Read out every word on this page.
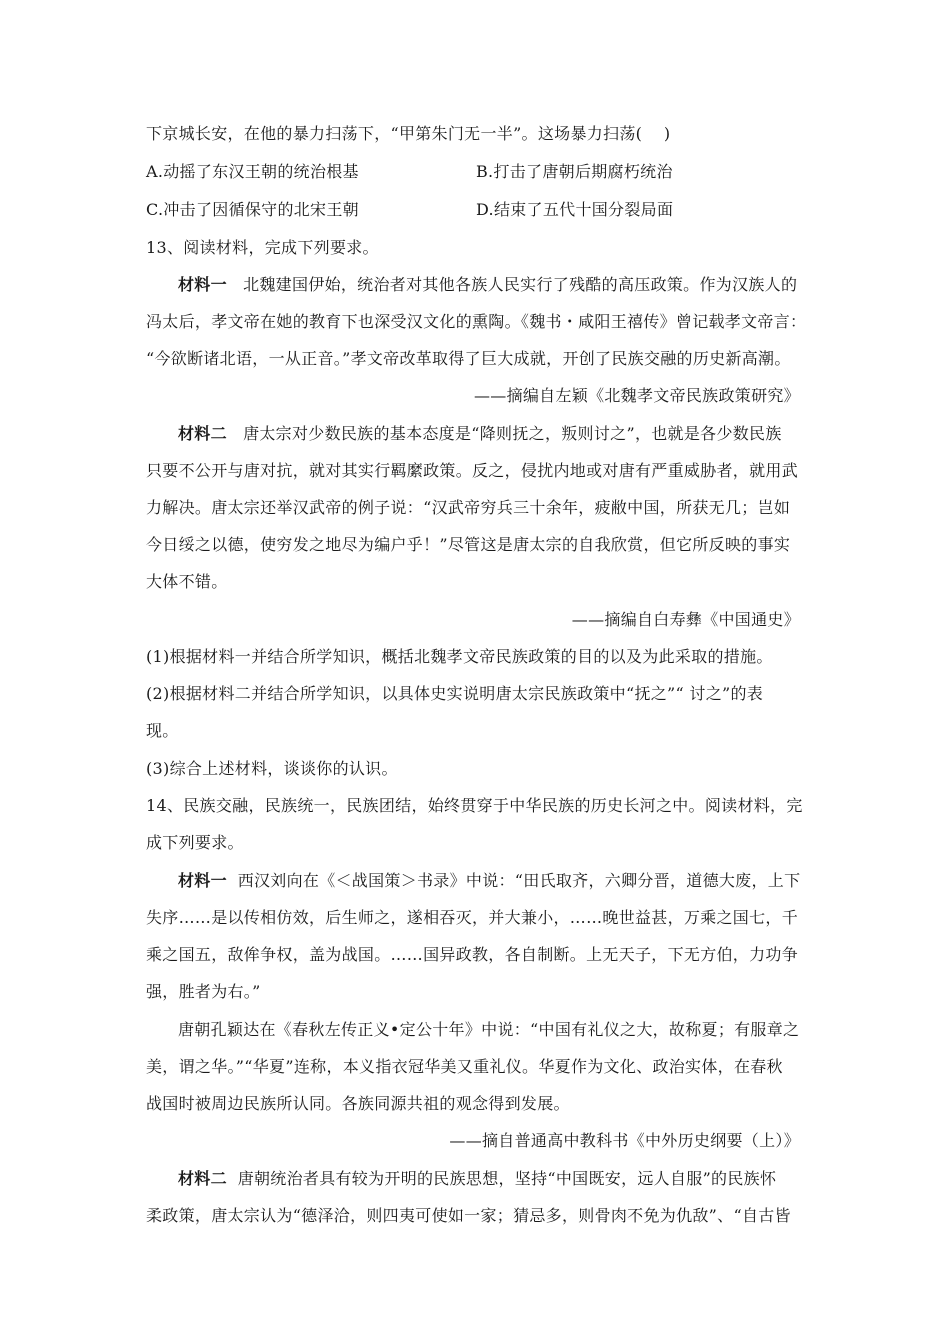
下京城长安，在他的暴力扫荡下，“甲第朱门无一半”。这场暴力扫荡(　 )
A.动摇了东汉王朝的统治根基	B.打击了唐朝后期腐朽统治
C.冲击了因循保守的北宋王朝	D.结束了五代十国分裂局面
13、阅读材料，完成下列要求。
材料一 北魏建国伊始，统治者对其他各族人民实行了残酷的高压政策。作为汉族人的
冯太后，孝文帝在她的教育下也深受汉文化的熏陶。《魏书・咸阳王禧传》曾记载孝文帝言：
“今欲断诸北语，一从正音。”孝文帝改革取得了巨大成就，开创了民族交融的历史新高潮。
——摘编自左颖《北魏孝文帝民族政策研究》
材料二 唐太宗对少数民族的基本态度是“降则抚之，叛则讨之”，也就是各少数民族
只要不公开与唐对抗，就对其实行羁縻政策。反之，侵扰内地或对唐有严重威胁者，就用武
力解决。唐太宗还举汉武帝的例子说：“汉武帝穷兵三十余年，疲敝中国，所获无几；岂如
今日绥之以德，使穷发之地尽为编户乎！”尽管这是唐太宗的自我欣赏，但它所反映的事实
大体不错。
——摘编自白寿彝《中国通史》
(1)根据材料一并结合所学知识，概括北魏孝文帝民族政策的目的以及为此采取的措施。
(2)根据材料二并结合所学知识，以具体史实说明唐太宗民族政策中“抚之”“ 讨之”的表
现。
(3)综合上述材料，谈谈你的认识。
14、民族交融，民族统一，民族团结，始终贯穿于中华民族的历史长河之中。阅读材料，完
成下列要求。
材料一 西汉刘向在《＜战国策＞书录》中说：“田氏取齐，六卿分晋，道德大废，上下
失序……是以传相仿效，后生师之，遂相吞灭，并大兼小，……晚世益甚，万乘之国七，千
乘之国五，敌侔争权，盖为战国。……国异政教，各自制断。上无天子，下无方伯，力功争
强，胜者为右。”
唐朝孔颖达在《春秋左传正义•定公十年》中说：“中国有礼仪之大，故称夏；有服章之
美，谓之华。”“华夏”连称，本义指衣冠华美又重礼仪。华夏作为文化、政治实体，在春秋
战国时被周边民族所认同。各族同源共祖的观念得到发展。
——摘自普通高中教科书《中外历史纲要（上）》
材料二 唐朝统治者具有较为开明的民族思想，坚持“中国既安，远人自服”的民族怀
柔政策，唐太宗认为“德泽洽，则四夷可使如一家；猜忌多，则骨肉不免为仇敌”、“自古皆
